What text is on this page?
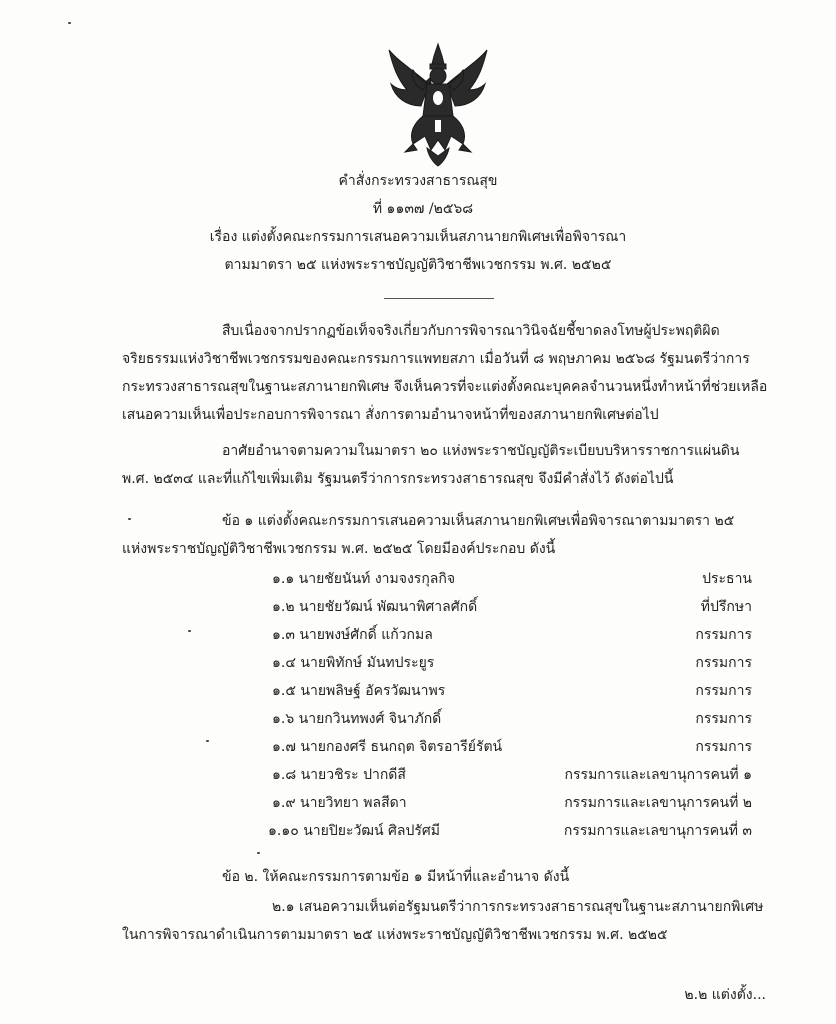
คำสั่งกระทรวงสาธารณสุข
ที่ ๑๑๓๗ /๒๕๖๘
เรื่อง แต่งตั้งคณะกรรมการเสนอความเห็นสภานายกพิเศษเพื่อพิจารณา
ตามมาตรา ๒๕ แห่งพระราชบัญญัติวิชาชีพเวชกรรม พ.ศ. ๒๕๒๕
สืบเนื่องจากปรากฏข้อเท็จจริงเกี่ยวกับการพิจารณาวินิจฉัยชี้ขาดลงโทษผู้ประพฤติผิด
จริยธรรมแห่งวิชาชีพเวชกรรมของคณะกรรมการแพทยสภา เมื่อวันที่ ๘ พฤษภาคม ๒๕๖๘ รัฐมนตรีว่าการ
กระทรวงสาธารณสุขในฐานะสภานายกพิเศษ จึงเห็นควรที่จะแต่งตั้งคณะบุคคลจำนวนหนึ่งทำหน้าที่ช่วยเหลือ
เสนอความเห็นเพื่อประกอบการพิจารณา สั่งการตามอำนาจหน้าที่ของสภานายกพิเศษต่อไป
อาศัยอำนาจตามความในมาตรา ๒๐ แห่งพระราชบัญญัติระเบียบบริหารราชการแผ่นดิน
พ.ศ. ๒๕๓๔ และที่แก้ไขเพิ่มเติม รัฐมนตรีว่าการกระทรวงสาธารณสุข จึงมีคำสั่งไว้ ดังต่อไปนี้
ข้อ ๑ แต่งตั้งคณะกรรมการเสนอความเห็นสภานายกพิเศษเพื่อพิจารณาตามมาตรา ๒๕
แห่งพระราชบัญญัติวิชาชีพเวชกรรม พ.ศ. ๒๕๒๕ โดยมีองค์ประกอบ ดังนี้
๑.๑ นายชัยนันท์ งามจงรกุลกิจ	ประธาน
๑.๒ นายชัยวัฒน์ พัฒนาพิศาลศักดิ์	ที่ปรึกษา
๑.๓ นายพงษ์ศักดิ์ แก้วกมล	กรรมการ
๑.๔ นายพิทักษ์ มันทประยูร	กรรมการ
๑.๕ นายพลิษฐ์ อัครวัฒนาพร	กรรมการ
๑.๖ นายกวินทพงศ์ จินาภักดิ์	กรรมการ
๑.๗ นายกองศรี ธนกฤต จิตรอารีย์รัตน์	กรรมการ
๑.๘ นายวชิระ ปากดีสี	กรรมการและเลขานุการคนที่ ๑
๑.๙ นายวิทยา พลสีดา	กรรมการและเลขานุการคนที่ ๒
๑.๑๐ นายปิยะวัฒน์ ศิลปรัศมี	กรรมการและเลขานุการคนที่ ๓
ข้อ ๒. ให้คณะกรรมการตามข้อ ๑ มีหน้าที่และอำนาจ ดังนี้
๒.๑ เสนอความเห็นต่อรัฐมนตรีว่าการกระทรวงสาธารณสุขในฐานะสภานายกพิเศษ
ในการพิจารณาดำเนินการตามมาตรา ๒๕ แห่งพระราชบัญญัติวิชาชีพเวชกรรม พ.ศ. ๒๕๒๕
๒.๒ แต่งตั้ง...
